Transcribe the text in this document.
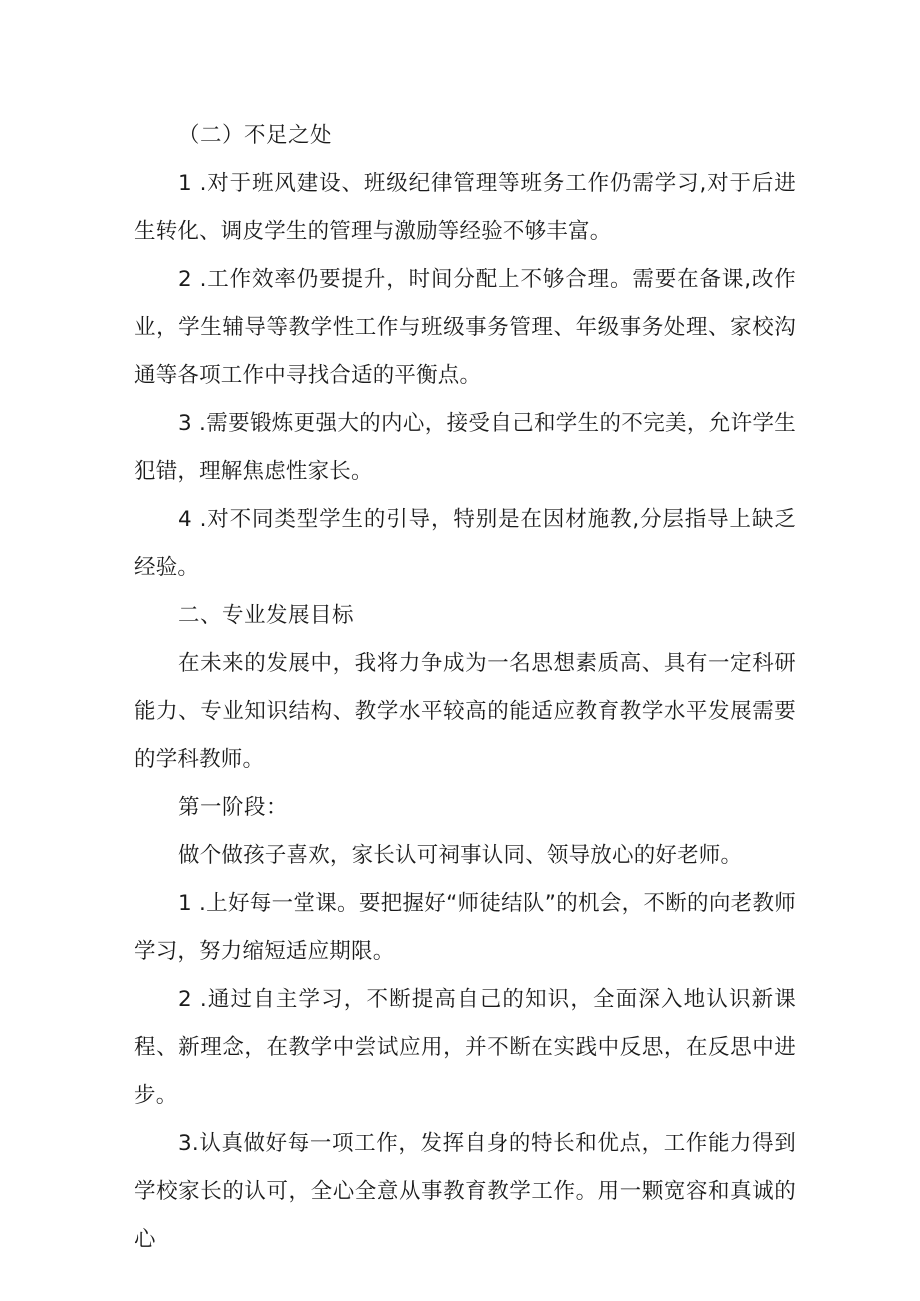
（二）不足之处

1 .对于班风建设、班级纪律管理等班务工作仍需学习,对于后进生转化、调皮学生的管理与激励等经验不够丰富。

2 .工作效率仍要提升，时间分配上不够合理。需要在备课,改作业，学生辅导等教学性工作与班级事务管理、年级事务处理、家校沟通等各项工作中寻找合适的平衡点。

3 .需要锻炼更强大的内心，接受自己和学生的不完美，允许学生犯错，理解焦虑性家长。

4 .对不同类型学生的引导，特别是在因材施教,分层指导上缺乏经验。

二、专业发展目标

在未来的发展中，我将力争成为一名思想素质高、具有一定科研能力、专业知识结构、教学水平较高的能适应教育教学水平发展需要的学科教师。

第一阶段：

做个做孩子喜欢，家长认可祠事认同、领导放心的好老师。

1 .上好每一堂课。要把握好“师徒结队”的机会，不断的向老教师学习，努力缩短适应期限。

2 .通过自主学习，不断提高自己的知识，全面深入地认识新课程、新理念，在教学中尝试应用，并不断在实践中反思，在反思中进步。

3.认真做好每一项工作，发挥自身的特长和优点，工作能力得到学校家长的认可，全心全意从事教育教学工作。用一颗宽容和真诚的心
